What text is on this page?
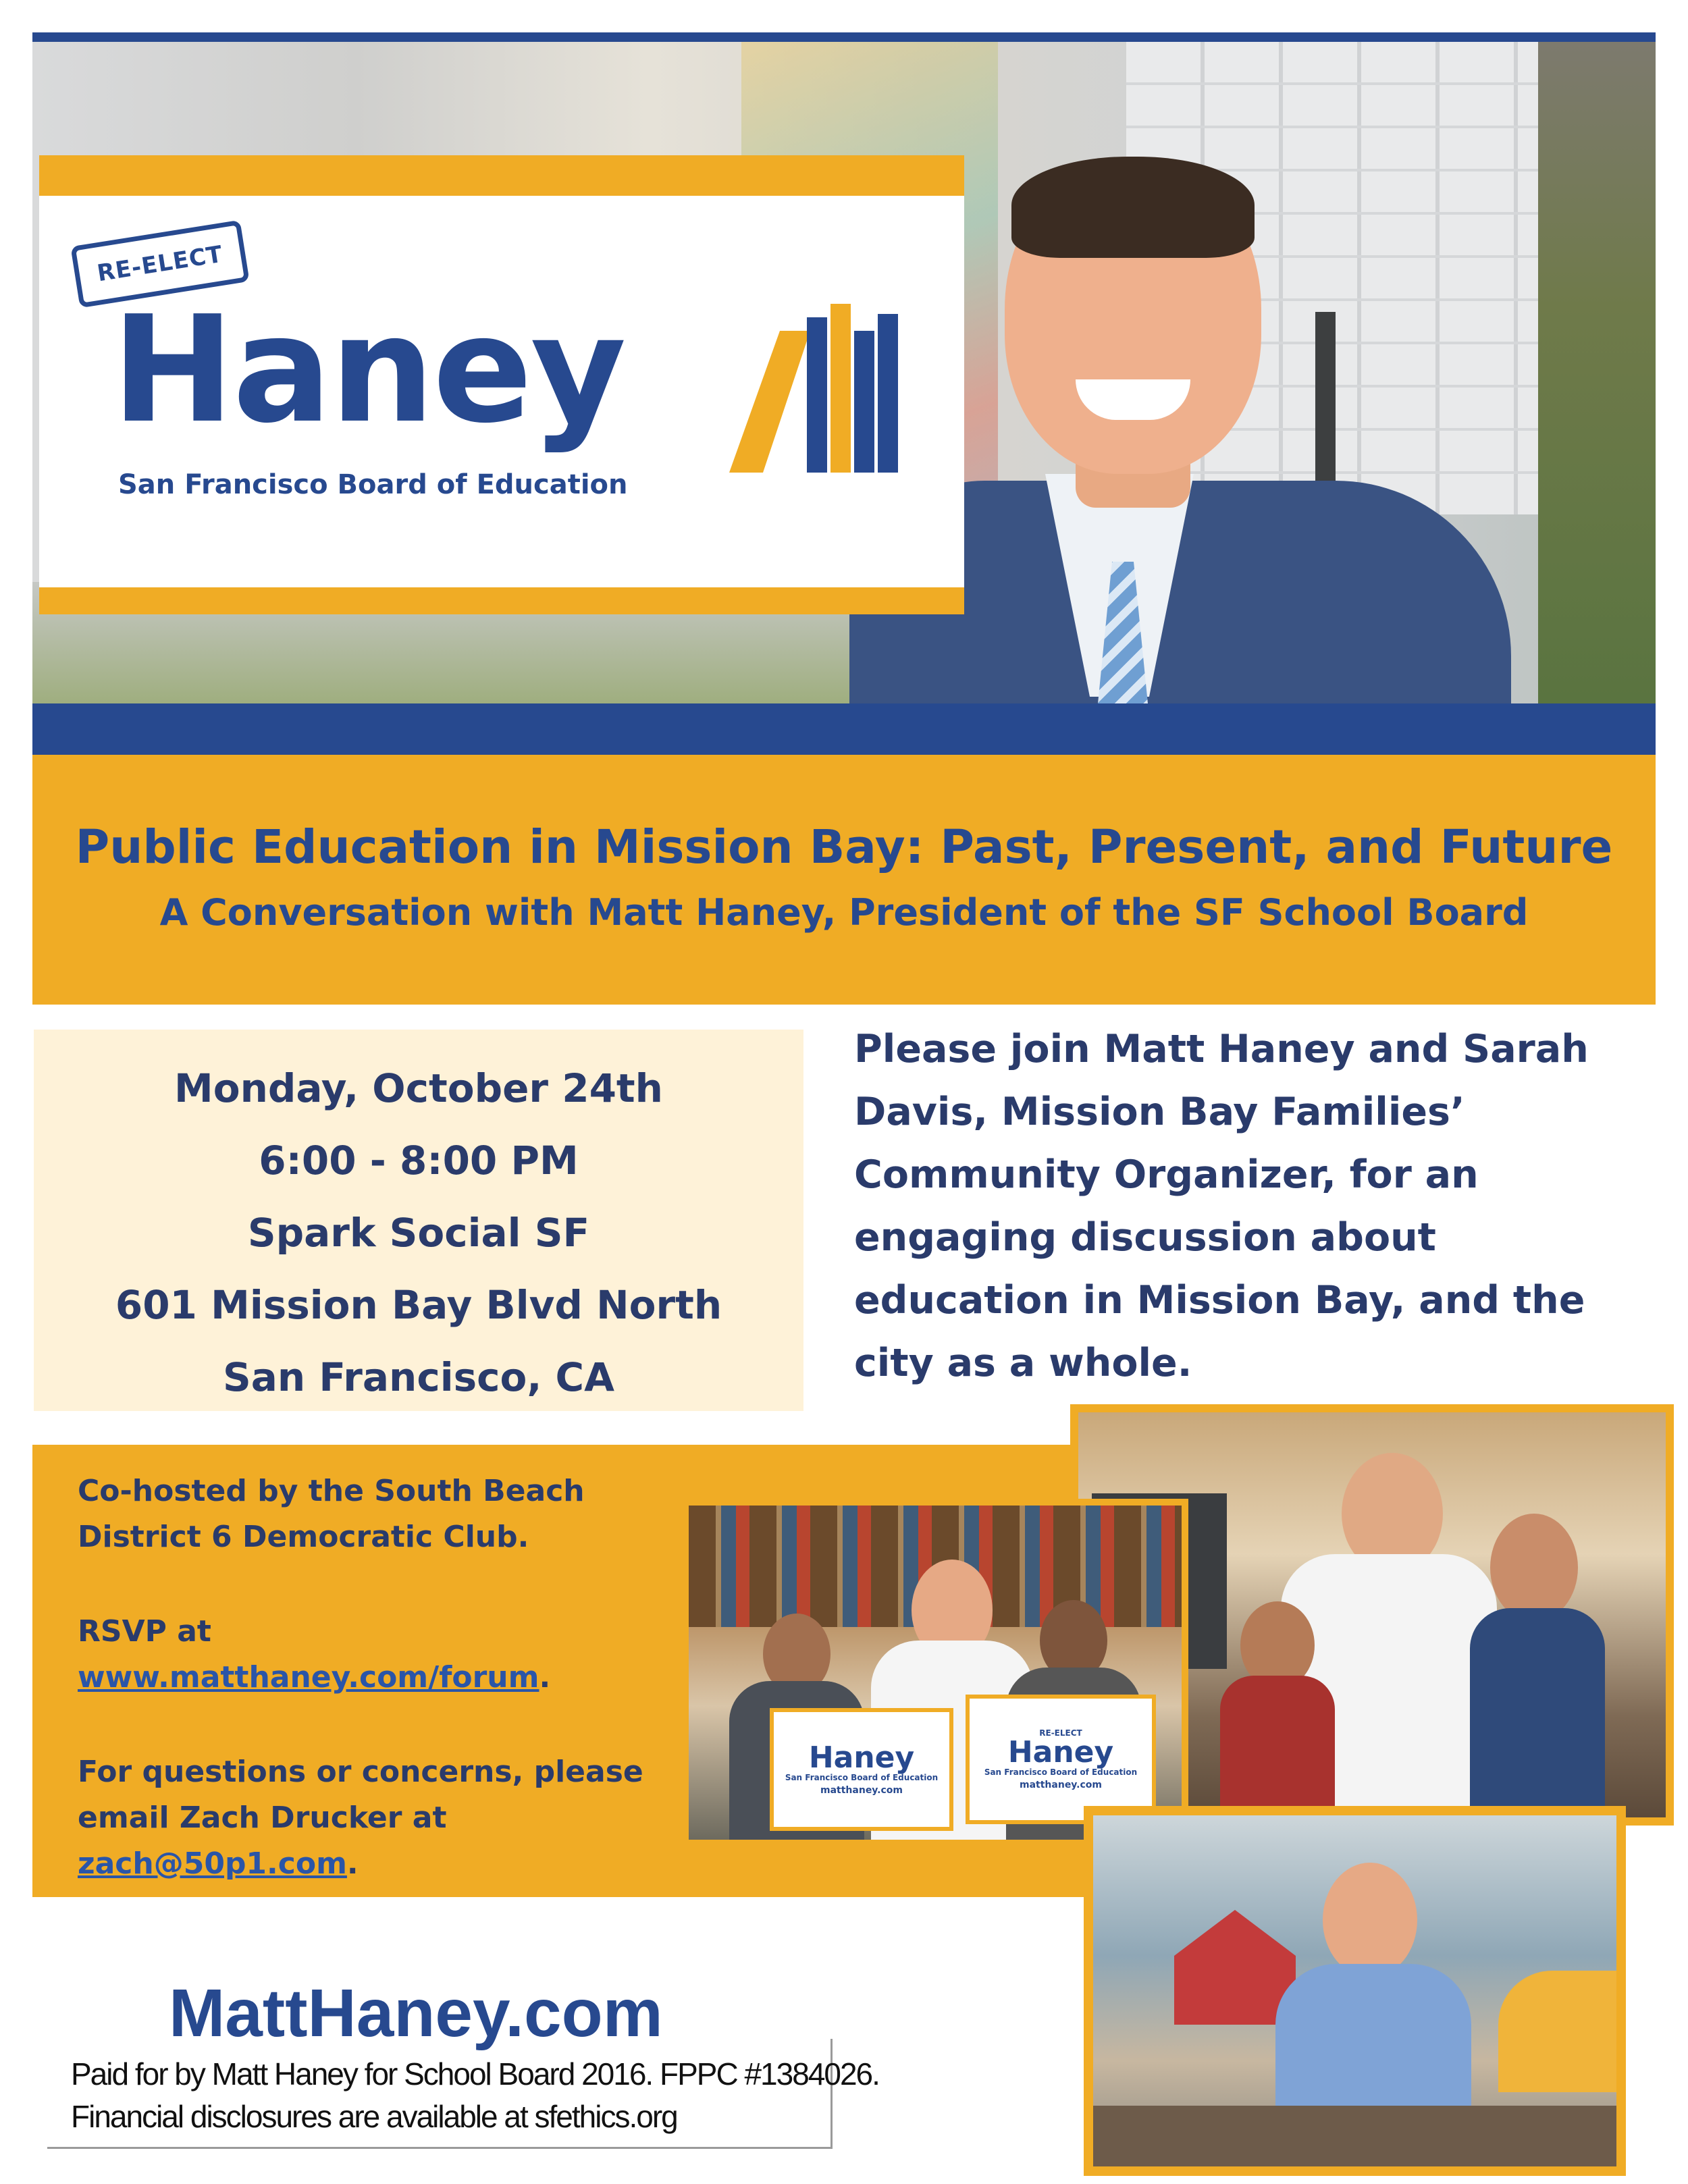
RE-ELECT
Haney
San Francisco Board of Education
Public Education in Mission Bay: Past, Present, and Future
A Conversation with Matt Haney, President of the SF School Board
Monday, October 24th
6:00 - 8:00 PM
Spark Social SF
601 Mission Bay Blvd North
San Francisco, CA
Please join Matt Haney and Sarah
Davis, Mission Bay Families’
Community Organizer, for an
engaging discussion about
education in Mission Bay, and the
city as a whole.
Co-hosted by the South Beach
District 6 Democratic Club.
RSVP at
www.matthaney.com/forum.
For questions or concerns, please
email Zach Drucker at
zach@50p1.com.
Haney
San Francisco Board of Education
matthaney.com
RE-ELECT
Haney
San Francisco Board of Education
matthaney.com
MattHaney.com
Paid for by Matt Haney for School Board 2016. FPPC #1384026.
Financial disclosures are available at sfethics.org
